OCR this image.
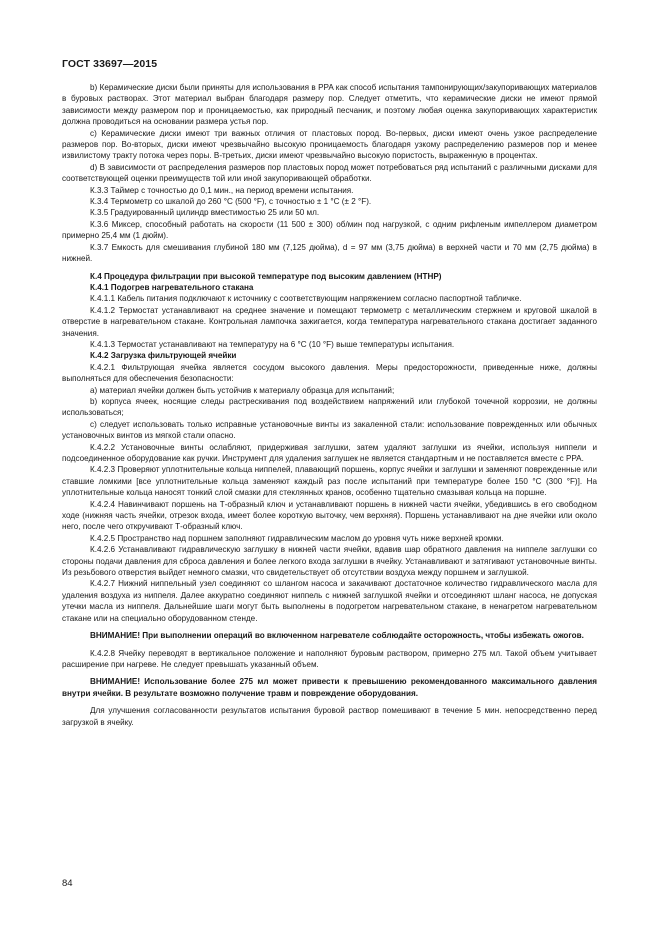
ГОСТ 33697—2015

b) Керамические диски были приняты для использования в PPA как способ испытания тампонирующих/закупоривающих материалов в буровых растворах. Этот материал выбран благодаря размеру пор. Следует отметить, что керамические диски не имеют прямой зависимости между размером пор и проницаемостью, как природный песчаник, и поэтому любая оценка закупоривающих характеристик должна проводиться на основании размера устья пор.

c) Керамические диски имеют три важных отличия от пластовых пород. Во-первых, диски имеют очень узкое распределение размеров пор. Во-вторых, диски имеют чрезвычайно высокую проницаемость благодаря узкому распределению размеров пор и менее извилистому тракту потока через поры. В-третьих, диски имеют чрезвычайно высокую пористость, выраженную в процентах.

d) В зависимости от распределения размеров пор пластовых пород может потребоваться ряд испытаний с различными дисками для соответствующей оценки преимуществ той или иной закупоривающей обработки.

К.3.3 Таймер с точностью до 0,1 мин., на период времени испытания.

К.3.4 Термометр со шкалой до 260 °С (500 °F), с точностью ± 1 °С (± 2 °F).

К.3.5 Градуированный цилиндр вместимостью 25 или 50 мл.

К.3.6 Миксер, способный работать на скорости (11 500 ± 300) об/мин под нагрузкой, с одним рифленым импеллером диаметром примерно 25,4 мм (1 дюйм).

К.3.7 Емкость для смешивания глубиной 180 мм (7,125 дюйма), d = 97 мм (3,75 дюйма) в верхней части и 70 мм (2,75 дюйма) в нижней.

К.4 Процедура фильтрации при высокой температуре под высоким давлением (HTHP)

К.4.1 Подогрев нагревательного стакана

К.4.1.1 Кабель питания подключают к источнику с соответствующим напряжением согласно паспортной табличке.

К.4.1.2 Термостат устанавливают на среднее значение и помещают термометр с металлическим стержнем и круговой шкалой в отверстие в нагревательном стакане. Контрольная лампочка зажигается, когда температура нагревательного стакана достигает заданного значения.

К.4.1.3 Термостат устанавливают на температуру на 6 °С (10 °F) выше температуры испытания.

К.4.2 Загрузка фильтрующей ячейки

К.4.2.1 Фильтрующая ячейка является сосудом высокого давления. Меры предосторожности, приведенные ниже, должны выполняться для обеспечения безопасности:

а) материал ячейки должен быть устойчив к материалу образца для испытаний;

b) корпуса ячеек, носящие следы растрескивания под воздействием напряжений или глубокой точечной коррозии, не должны использоваться;

c) следует использовать только исправные установочные винты из закаленной стали: использование поврежденных или обычных установочных винтов из мягкой стали опасно.

К.4.2.2 Установочные винты ослабляют, придерживая заглушки, затем удаляют заглушки из ячейки, используя ниппели и подсоединенное оборудование как ручки. Инструмент для удаления заглушек не является стандартным и не поставляется вместе с PPA.

К.4.2.3 Проверяют уплотнительные кольца ниппелей, плавающий поршень, корпус ячейки и заглушки и заменяют поврежденные или ставшие ломкими [все уплотнительные кольца заменяют каждый раз после испытаний при температуре более 150 °С (300 °F)]. На уплотнительные кольца наносят тонкий слой смазки для стеклянных кранов, особенно тщательно смазывая кольца на поршне.

К.4.2.4 Навинчивают поршень на Т-образный ключ и устанавливают поршень в нижней части ячейки, убедившись в его свободном ходе (нижняя часть ячейки, отрезок входа, имеет более короткую выточку, чем верхняя). Поршень устанавливают на дне ячейки или около него, после чего откручивают Т-образный ключ.

К.4.2.5 Пространство над поршнем заполняют гидравлическим маслом до уровня чуть ниже верхней кромки.

К.4.2.6 Устанавливают гидравлическую заглушку в нижней части ячейки, вдавив шар обратного давления на ниппеле заглушки со стороны подачи давления для сброса давления и более легкого входа заглушки в ячейку. Устанавливают и затягивают установочные винты. Из резьбового отверстия выйдет немного смазки, что свидетельствует об отсутствии воздуха между поршнем и заглушкой.

К.4.2.7 Нижний ниппельный узел соединяют со шлангом насоса и закачивают достаточное количество гидравлического масла для удаления воздуха из ниппеля. Далее аккуратно соединяют ниппель с нижней заглушкой ячейки и отсоединяют шланг насоса, не допуская утечки масла из ниппеля. Дальнейшие шаги могут быть выполнены в подогретом нагревательном стакане, в ненагретом нагревательном стакане или на специально оборудованном стенде.

ВНИМАНИЕ! При выполнении операций во включенном нагревателе соблюдайте осторожность, чтобы избежать ожогов.

К.4.2.8 Ячейку переводят в вертикальное положение и наполняют буровым раствором, примерно 275 мл. Такой объем учитывает расширение при нагреве. Не следует превышать указанный объем.

ВНИМАНИЕ! Использование более 275 мл может привести к превышению рекомендованного максимального давления внутри ячейки. В результате возможно получение травм и повреждение оборудования.

Для улучшения согласованности результатов испытания буровой раствор помешивают в течение 5 мин. непосредственно перед загрузкой в ячейку.

84
